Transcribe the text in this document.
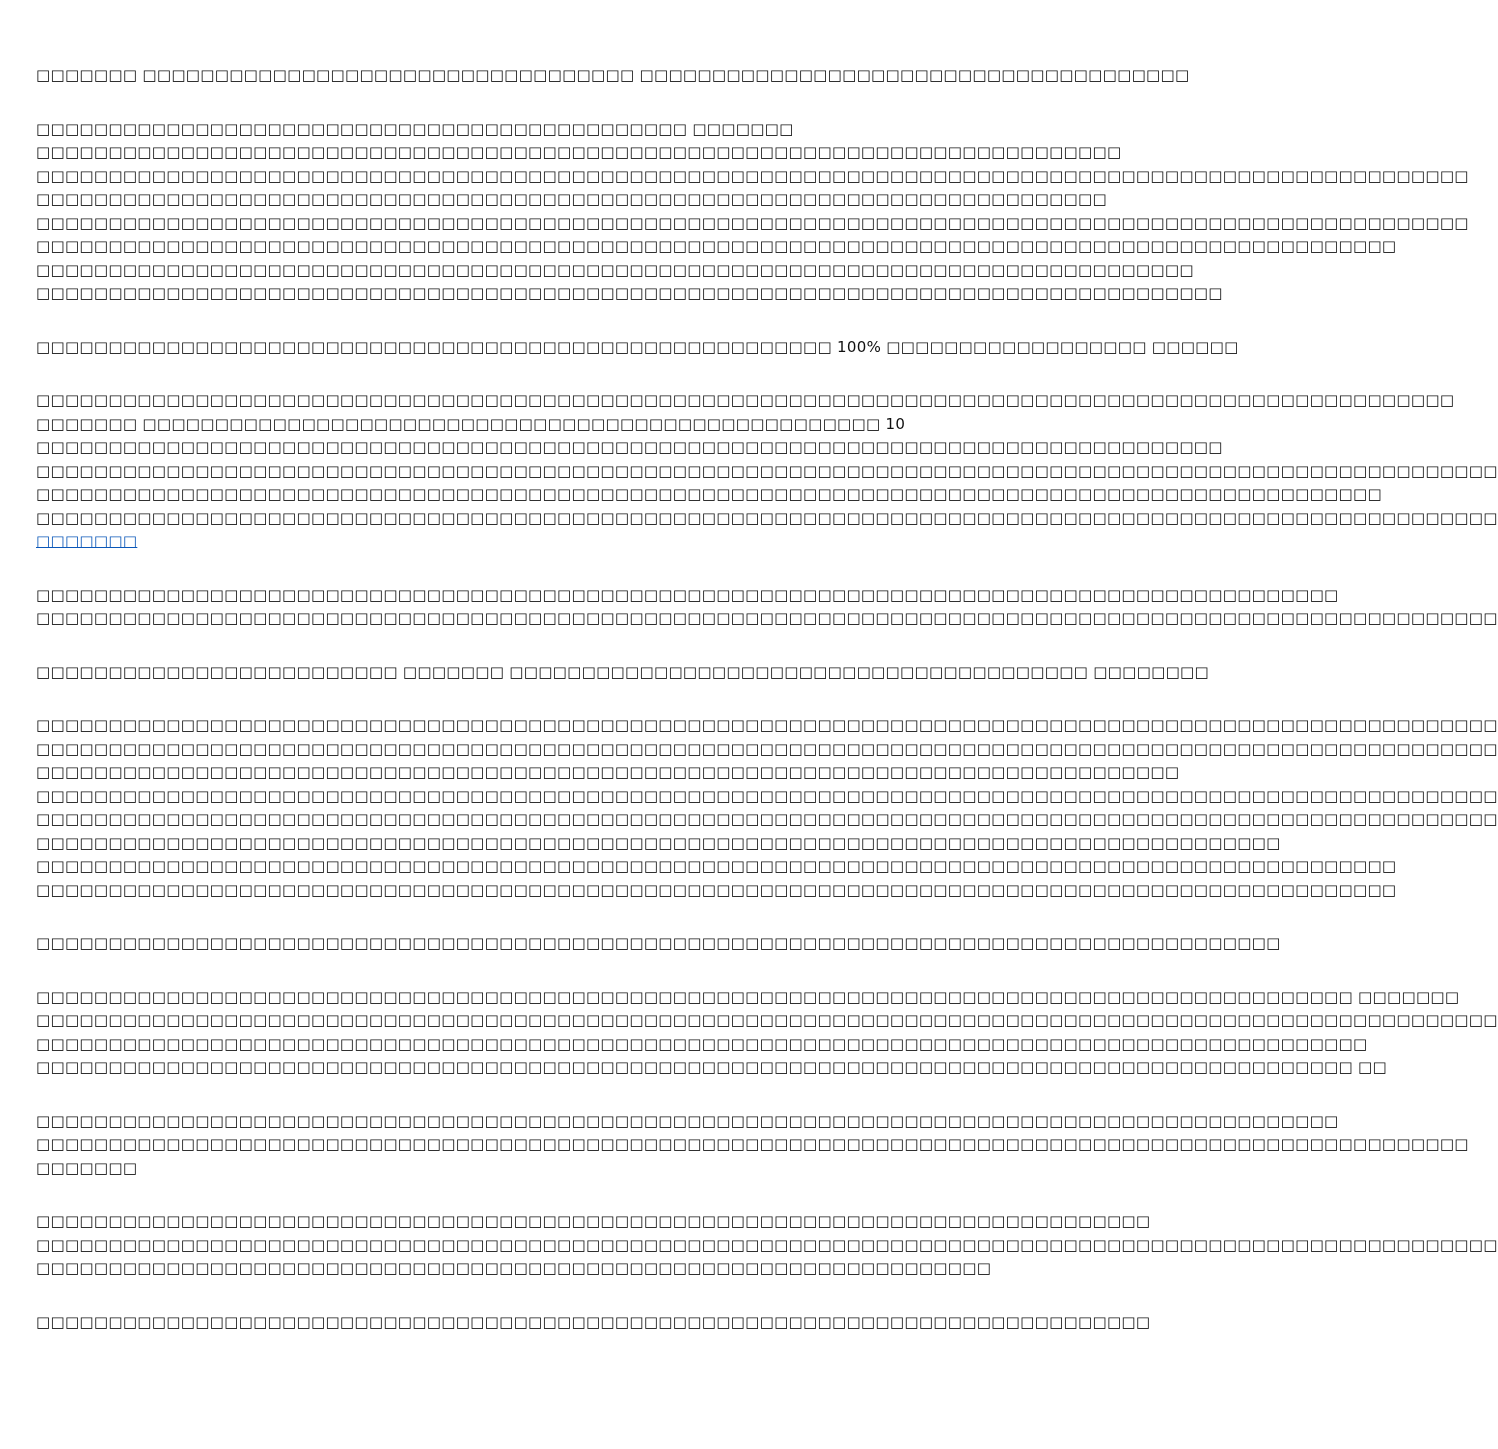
□□□□□□□ □□□□□□□□□□□□□□□□□□□□□□□□□□□□□□□□□□ □□□□□□□□□□□□□□□□□□□□□□□□□□□□□□□□□□□□□□
□□□□□□□□□□□□□□□□□□□□□□□□□□□□□□□□□□□□□□□□□□□□□ □□□□□□□
□□□□□□□□□□□□□□□□□□□□□□□□□□□□□□□□□□□□□□□□□□□□□□□□□□□□□□□□□□□□□□□□□□□□□□□□□□□
□□□□□□□□□□□□□□□□□□□□□□□□□□□□□□□□□□□□□□□□□□□□□□□□□□□□□□□□□□□□□□□□□□□□□□□□□□□□□□□□□□□□□□□□□□□□□□□□□□□
□□□□□□□□□□□□□□□□□□□□□□□□□□□□□□□□□□□□□□□□□□□□□□□□□□□□□□□□□□□□□□□□□□□□□□□□□□
□□□□□□□□□□□□□□□□□□□□□□□□□□□□□□□□□□□□□□□□□□□□□□□□□□□□□□□□□□□□□□□□□□□□□□□□□□□□□□□□□□□□□□□□□□□□□□□□□□□
□□□□□□□□□□□□□□□□□□□□□□□□□□□□□□□□□□□□□□□□□□□□□□□□□□□□□□□□□□□□□□□□□□□□□□□□□□□□□□□□□□□□□□□□□□□□□□
□□□□□□□□□□□□□□□□□□□□□□□□□□□□□□□□□□□□□□□□□□□□□□□□□□□□□□□□□□□□□□□□□□□□□□□□□□□□□□□□
□□□□□□□□□□□□□□□□□□□□□□□□□□□□□□□□□□□□□□□□□□□□□□□□□□□□□□□□□□□□□□□□□□□□□□□□□□□□□□□□□□
□□□□□□□□□□□□□□□□□□□□□□□□□□□□□□□□□□□□□□□□□□□□□□□□□□□□□□□ 100% □□□□□□□□□□□□□□□□□□ □□□□□□
□□□□□□□□□□□□□□□□□□□□□□□□□□□□□□□□□□□□□□□□□□□□□□□□□□□□□□□□□□□□□□□□□□□□□□□□□□□□□□□□□□□□□□□□□□□□□□□□□□
□□□□□□□ □□□□□□□□□□□□□□□□□□□□□□□□□□□□□□□□□□□□□□□□□□□□□□□□□□□ 10
□□□□□□□□□□□□□□□□□□□□□□□□□□□□□□□□□□□□□□□□□□□□□□□□□□□□□□□□□□□□□□□□□□□□□□□□□□□□□□□□□□
□□□□□□□□□□□□□□□□□□□□□□□□□□□□□□□□□□□□□□□□□□□□□□□□□□□□□□□□□□□□□□□□□□□□□□□□□□□□□□□□□□□□□□□□□□□□□□□□□□□□□
□□□□□□□□□□□□□□□□□□□□□□□□□□□□□□□□□□□□□□□□□□□□□□□□□□□□□□□□□□□□□□□□□□□□□□□□□□□□□□□□□□□□□□□□□□□□□
□□□□□□□□□□□□□□□□□□□□□□□□□□□□□□□□□□□□□□□□□□□□□□□□□□□□□□□□□□□□□□□□□□□□□□□□□□□□□□□□□□□□□□□□□□□□□□□□□□□□□
□□□□□□□
□□□□□□□□□□□□□□□□□□□□□□□□□□□□□□□□□□□□□□□□□□□□□□□□□□□□□□□□□□□□□□□□□□□□□□□□□□□□□□□□□□□□□□□□□□
□□□□□□□□□□□□□□□□□□□□□□□□□□□□□□□□□□□□□□□□□□□□□□□□□□□□□□□□□□□□□□□□□□□□□□□□□□□□□□□□□□□□□□□□□□□□□□□□□□□□□
□□□□□□□□□□□□□□□□□□□□□□□□□ □□□□□□□ □□□□□□□□□□□□□□□□□□□□□□□□□□□□□□□□□□□□□□□□ □□□□□□□□
□□□□□□□□□□□□□□□□□□□□□□□□□□□□□□□□□□□□□□□□□□□□□□□□□□□□□□□□□□□□□□□□□□□□□□□□□□□□□□□□□□□□□□□□□□□□□□□□□□□□□
□□□□□□□□□□□□□□□□□□□□□□□□□□□□□□□□□□□□□□□□□□□□□□□□□□□□□□□□□□□□□□□□□□□□□□□□□□□□□□□□□□□□□□□□□□□□□□□□□□□□□
□□□□□□□□□□□□□□□□□□□□□□□□□□□□□□□□□□□□□□□□□□□□□□□□□□□□□□□□□□□□□□□□□□□□□□□□□□□□□□□
□□□□□□□□□□□□□□□□□□□□□□□□□□□□□□□□□□□□□□□□□□□□□□□□□□□□□□□□□□□□□□□□□□□□□□□□□□□□□□□□□□□□□□□□□□□□□□□□□□□□□
□□□□□□□□□□□□□□□□□□□□□□□□□□□□□□□□□□□□□□□□□□□□□□□□□□□□□□□□□□□□□□□□□□□□□□□□□□□□□□□□□□□□□□□□□□□□□□□□□□□□□
□□□□□□□□□□□□□□□□□□□□□□□□□□□□□□□□□□□□□□□□□□□□□□□□□□□□□□□□□□□□□□□□□□□□□□□□□□□□□□□□□□□□□□
□□□□□□□□□□□□□□□□□□□□□□□□□□□□□□□□□□□□□□□□□□□□□□□□□□□□□□□□□□□□□□□□□□□□□□□□□□□□□□□□□□□□□□□□□□□□□□
□□□□□□□□□□□□□□□□□□□□□□□□□□□□□□□□□□□□□□□□□□□□□□□□□□□□□□□□□□□□□□□□□□□□□□□□□□□□□□□□□□□□□□□□□□□□□□
□□□□□□□□□□□□□□□□□□□□□□□□□□□□□□□□□□□□□□□□□□□□□□□□□□□□□□□□□□□□□□□□□□□□□□□□□□□□□□□□□□□□□□
□□□□□□□□□□□□□□□□□□□□□□□□□□□□□□□□□□□□□□□□□□□□□□□□□□□□□□□□□□□□□□□□□□□□□□□□□□□□□□□□□□□□□□□□□□□ □□□□□□□
□□□□□□□□□□□□□□□□□□□□□□□□□□□□□□□□□□□□□□□□□□□□□□□□□□□□□□□□□□□□□□□□□□□□□□□□□□□□□□□□□□□□□□□□□□□□□□□□□□□□□
□□□□□□□□□□□□□□□□□□□□□□□□□□□□□□□□□□□□□□□□□□□□□□□□□□□□□□□□□□□□□□□□□□□□□□□□□□□□□□□□□□□□□□□□□□□□
□□□□□□□□□□□□□□□□□□□□□□□□□□□□□□□□□□□□□□□□□□□□□□□□□□□□□□□□□□□□□□□□□□□□□□□□□□□□□□□□□□□□□□□□□□□ □□
□□□□□□□□□□□□□□□□□□□□□□□□□□□□□□□□□□□□□□□□□□□□□□□□□□□□□□□□□□□□□□□□□□□□□□□□□□□□□□□□□□□□□□□□□□
□□□□□□□□□□□□□□□□□□□□□□□□□□□□□□□□□□□□□□□□□□□□□□□□□□□□□□□□□□□□□□□□□□□□□□□□□□□□□□□□□□□□□□□□□□□□□□□□□□□
□□□□□□□
□□□□□□□□□□□□□□□□□□□□□□□□□□□□□□□□□□□□□□□□□□□□□□□□□□□□□□□□□□□□□□□□□□□□□□□□□□□□□
□□□□□□□□□□□□□□□□□□□□□□□□□□□□□□□□□□□□□□□□□□□□□□□□□□□□□□□□□□□□□□□□□□□□□□□□□□□□□□□□□□□□□□□□□□□□□□□□□□□□□
□□□□□□□□□□□□□□□□□□□□□□□□□□□□□□□□□□□□□□□□□□□□□□□□□□□□□□□□□□□□□□□□□□
□□□□□□□□□□□□□□□□□□□□□□□□□□□□□□□□□□□□□□□□□□□□□□□□□□□□□□□□□□□□□□□□□□□□□□□□□□□□□
